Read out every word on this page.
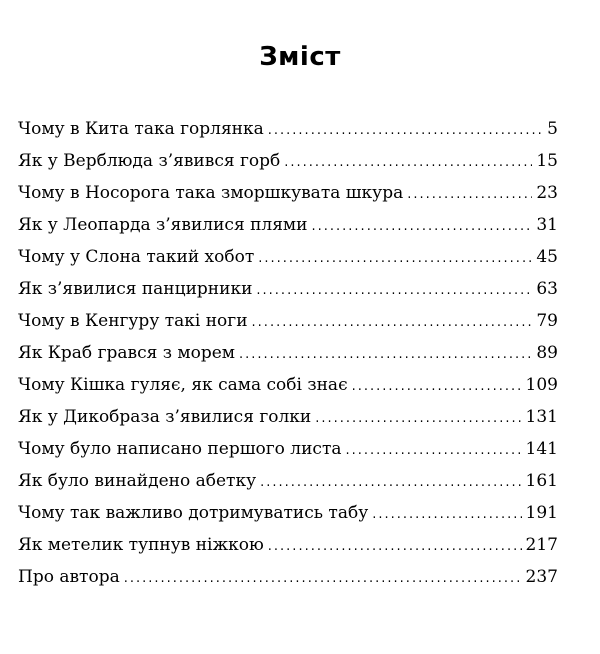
Зміст
Чому в Кита така горлянка .....	5
Як у Верблюда з’явився горб .....	15
Чому в Носорога така зморшкувата шкура .....	23
Як у Леопарда з’явилися плями .....	31
Чому у Слона такий хобот .....	45
Як з’явилися панцирники .....	63
Чому в Кенгуру такі ноги .....	79
Як Краб грався з морем .....	89
Чому Кішка гуляє, як сама собі знає .....	109
Як у Дикобраза з’явилися голки .....	131
Чому було написано першого листа .....	141
Як було винайдено абетку .....	161
Чому так важливо дотримуватись табу .....	191
Як метелик тупнув ніжкою .....	217
Про автора .....	237
